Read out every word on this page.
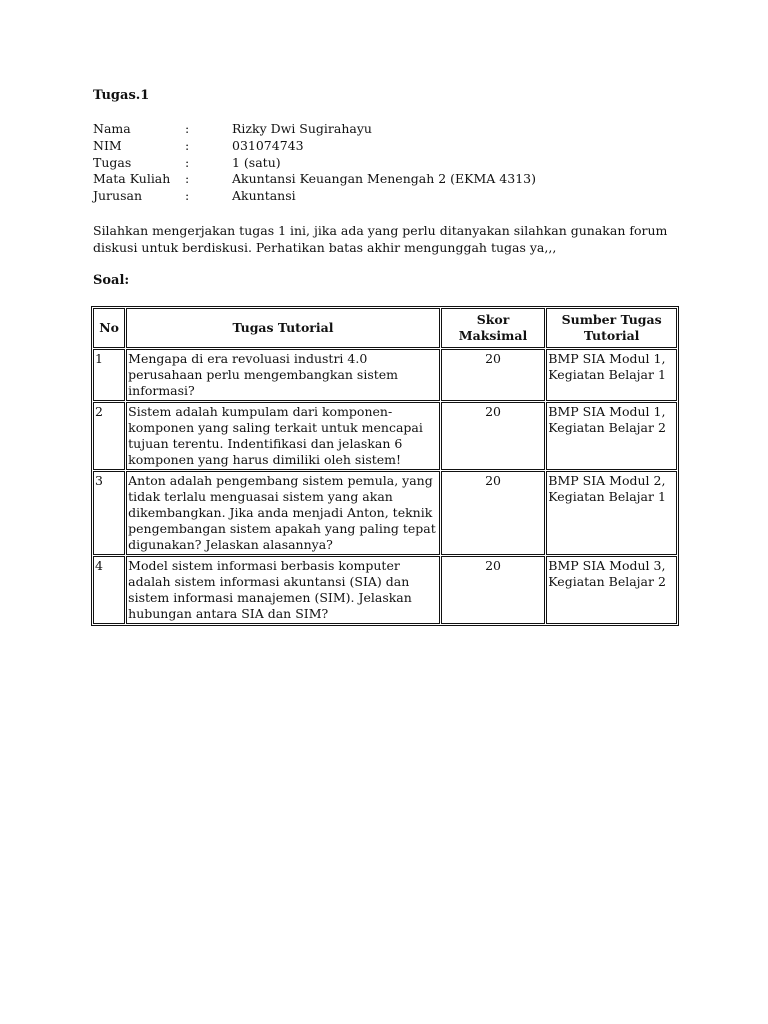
Tugas.1
Nama	:	Rizky Dwi Sugirahayu
NIM	:	031074743
Tugas	:	1 (satu)
Mata Kuliah	:	Akuntansi Keuangan Menengah 2 (EKMA 4313)
Jurusan	:	Akuntansi
Silahkan mengerjakan tugas 1 ini, jika ada yang perlu ditanyakan silahkan gunakan forum diskusi untuk berdiskusi. Perhatikan batas akhir mengunggah tugas ya,,,
Soal:
No	Tugas Tutorial	Skor Maksimal	Sumber Tugas Tutorial
1	Mengapa di era revoluasi industri 4.0 perusahaan perlu mengembangkan sistem informasi?	20	BMP SIA Modul 1, Kegiatan Belajar 1
2	Sistem adalah kumpulam dari komponen-komponen yang saling terkait untuk mencapai tujuan terentu. Indentifikasi dan jelaskan 6 komponen yang harus dimiliki oleh sistem!	20	BMP SIA Modul 1, Kegiatan Belajar 2
3	Anton adalah pengembang sistem pemula, yang tidak terlalu menguasai sistem yang akan dikembangkan. Jika anda menjadi Anton, teknik pengembangan sistem apakah yang paling tepat digunakan? Jelaskan alasannya?	20	BMP SIA Modul 2, Kegiatan Belajar 1
4	Model sistem informasi berbasis komputer adalah sistem informasi akuntansi (SIA) dan sistem informasi manajemen (SIM). Jelaskan hubungan antara SIA dan SIM?	20	BMP SIA Modul 3, Kegiatan Belajar 2
